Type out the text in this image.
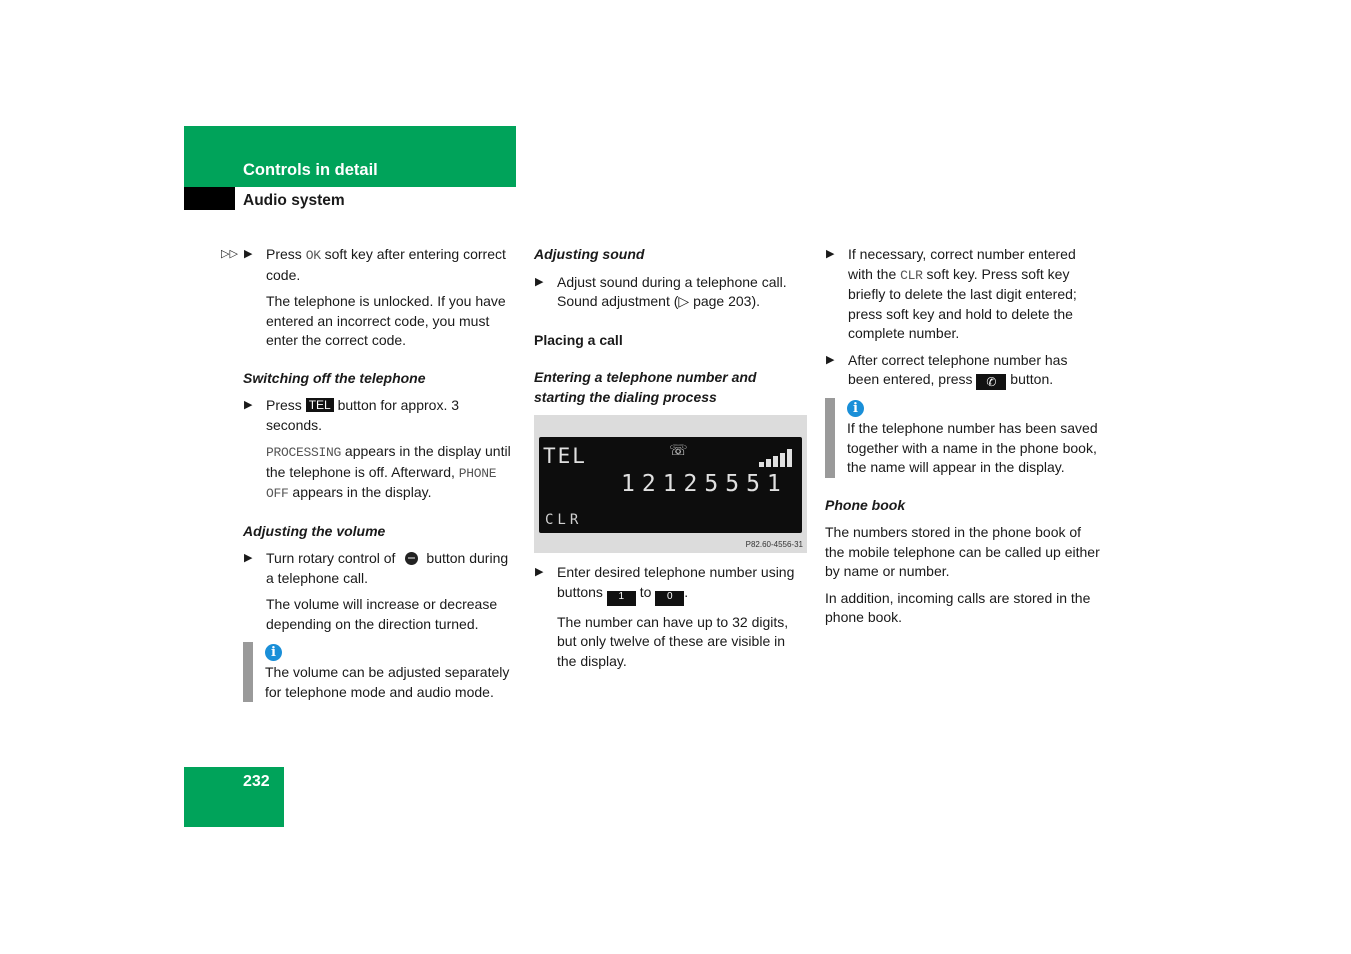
Controls in detail
Audio system
▷▷ ▶ Press OK soft key after entering correct code.

The telephone is unlocked. If you have entered an incorrect code, you must enter the correct code.

Switching off the telephone

▶ Press TEL button for approx. 3 seconds.

PROCESSING appears in the display until the telephone is off. Afterward, PHONE OFF appears in the display.

Adjusting the volume

▶ Turn rotary control of button during a telephone call.

The volume will increase or decrease depending on the direction turned.

i

The volume can be adjusted separately for telephone mode and audio mode.

Adjusting sound

▶ Adjust sound during a telephone call. Sound adjustment (▷ page 203).

Placing a call

Entering a telephone number and starting the dialing process

TEL	☏
12125551
CLR
P82.60-4556-31
▶ Enter desired telephone number using buttons 1 to 0 .

The number can have up to 32 digits, but only twelve of these are visible in the display.

▶ If necessary, correct number entered with the CLR soft key. Press soft key briefly to delete the last digit entered; press soft key and hold to delete the complete number.
▶ After correct telephone number has been entered, press ✆ button.
i

If the telephone number has been saved together with a name in the phone book, the name will appear in the display.

Phone book

The numbers stored in the phone book of the mobile telephone can be called up either by name or number.

In addition, incoming calls are stored in the phone book.

232
